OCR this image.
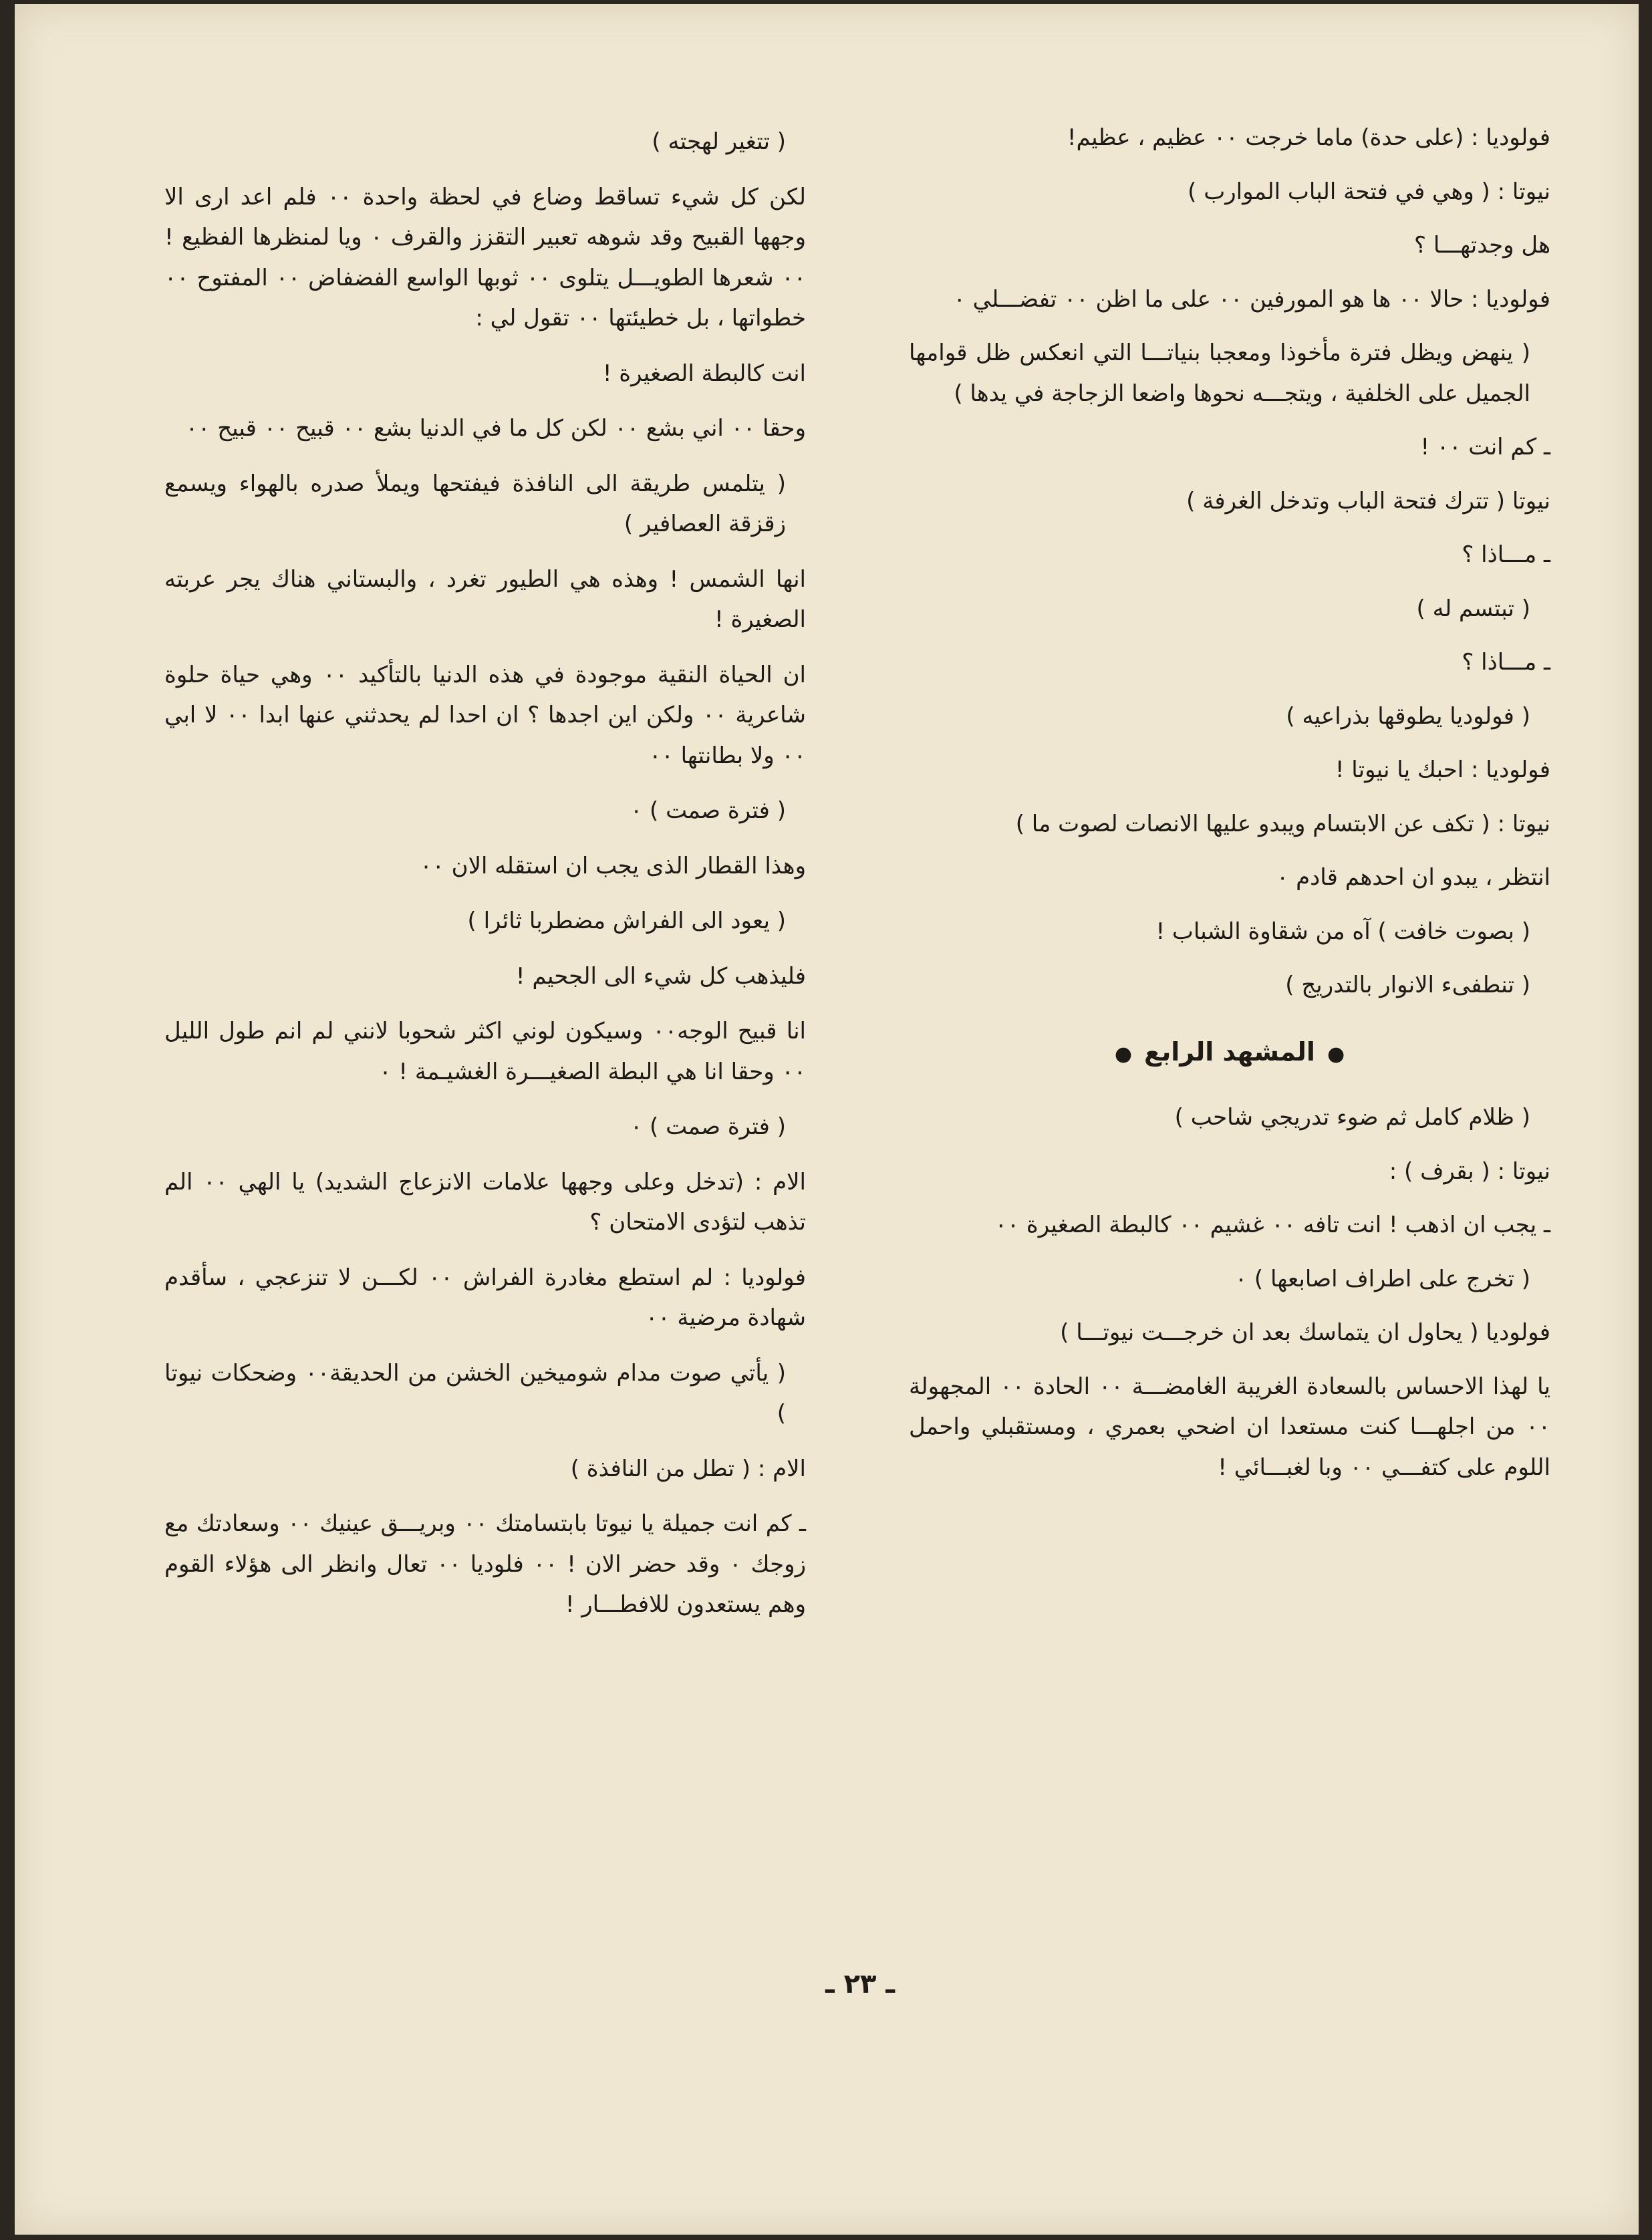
فولوديا : (على حدة) ماما خرجت ٠٠ عظيم ، عظيم!

نيوتا : ( وهي في فتحة الباب الموارب )

هل وجدتهـــا ؟

فولوديا : حالا ٠٠ ها هو المورفين ٠٠ على ما اظن ٠٠ تفضـــلي ٠

( ينهض ويظل فترة مأخوذا ومعجبا بنياتـــا التي انعكس ظل قوامها الجميل على الخلفية ، ويتجـــه نحوها واضعا الزجاجة في يدها )

ـ كم انت ٠٠ !

نيوتا ( تترك فتحة الباب وتدخل الغرفة )

ـ مـــاذا ؟

( تبتسم له )

ـ مـــاذا ؟

( فولوديا يطوقها بذراعيه )

فولوديا : احبك يا نيوتا !

نيوتا : ( تكف عن الابتسام ويبدو عليها الانصات لصوت ما )

انتظر ، يبدو ان احدهم قادم ٠

( بصوت خافت ) آه من شقاوة الشباب !

( تنطفىء الانوار بالتدريج )

●المشهد الرابع●

( ظلام كامل ثم ضوء تدريجي شاحب )

نيوتا : ( بقرف ) :

ـ يجب ان اذهب ! انت تافه ٠٠ غشيم ٠٠ كالبطة الصغيرة ٠٠

( تخرج على اطراف اصابعها ) ٠

فولوديا ( يحاول ان يتماسك بعد ان خرجـــت نيوتـــا )

يا لهذا الاحساس بالسعادة الغريبة الغامضـــة ٠٠ الحادة ٠٠ المجهولة ٠٠ من اجلهـــا كنت مستعدا ان اضحي بعمري ، ومستقبلي واحمل اللوم على كتفـــي ٠٠ وبا لغبـــائي !

( تتغير لهجته )

لكن كل شيء تساقط وضاع في لحظة واحدة ٠٠ فلم اعد ارى الا وجهها القبيح وقد شوهه تعبير التقزز والقرف ٠ ويا لمنظرها الفظيع ! ٠٠ شعرها الطويـــل يتلوى ٠٠ ثوبها الواسع الفضفاض ٠٠ المفتوح ٠٠ خطواتها ، بل خطيئتها ٠٠ تقول لي :

انت كالبطة الصغيرة !

وحقا ٠٠ اني بشع ٠٠ لكن كل ما في الدنيا بشع ٠٠ قبيح ٠٠ قبيح ٠٠

( يتلمس طريقة الى النافذة فيفتحها ويملأ صدره بالهواء ويسمع زقزقة العصافير )

انها الشمس ! وهذه هي الطيور تغرد ، والبستاني هناك يجر عربته الصغيرة !

ان الحياة النقية موجودة في هذه الدنيا بالتأكيد ٠٠ وهي حياة حلوة شاعرية ٠٠ ولكن اين اجدها ؟ ان احدا لم يحدثني عنها ابدا ٠٠ لا ابي ٠٠ ولا بطانتها ٠٠

( فترة صمت ) ٠

وهذا القطار الذى يجب ان استقله الان ٠٠

( يعود الى الفراش مضطربا ثائرا )

فليذهب كل شيء الى الجحيم !

انا قبيح الوجه٠٠ وسيكون لوني اكثر شحوبا لانني لم انم طول الليل ٠٠ وحقا انا هي البطة الصغيـــرة الغشيـمة ! ٠

( فترة صمت ) ٠

الام : (تدخل وعلى وجهها علامات الانزعاج الشديد) يا الهي ٠٠ الم تذهب لتؤدى الامتحان ؟

فولوديا : لم استطع مغادرة الفراش ٠٠ لكـــن لا تنزعجي ، سأقدم شهادة مرضية ٠٠

( يأتي صوت مدام شوميخين الخشن من الحديقة٠٠ وضحكات نيوتا )

الام : ( تطل من النافذة )

ـ كم انت جميلة يا نيوتا بابتسامتك ٠٠ وبريـــق عينيك ٠٠ وسعادتك مع زوجك ٠ وقد حضر الان ! ٠٠ فلوديا ٠٠ تعال وانظر الى هؤلاء القوم وهم يستعدون للافطـــار !

ـ ٢٣ ـ
